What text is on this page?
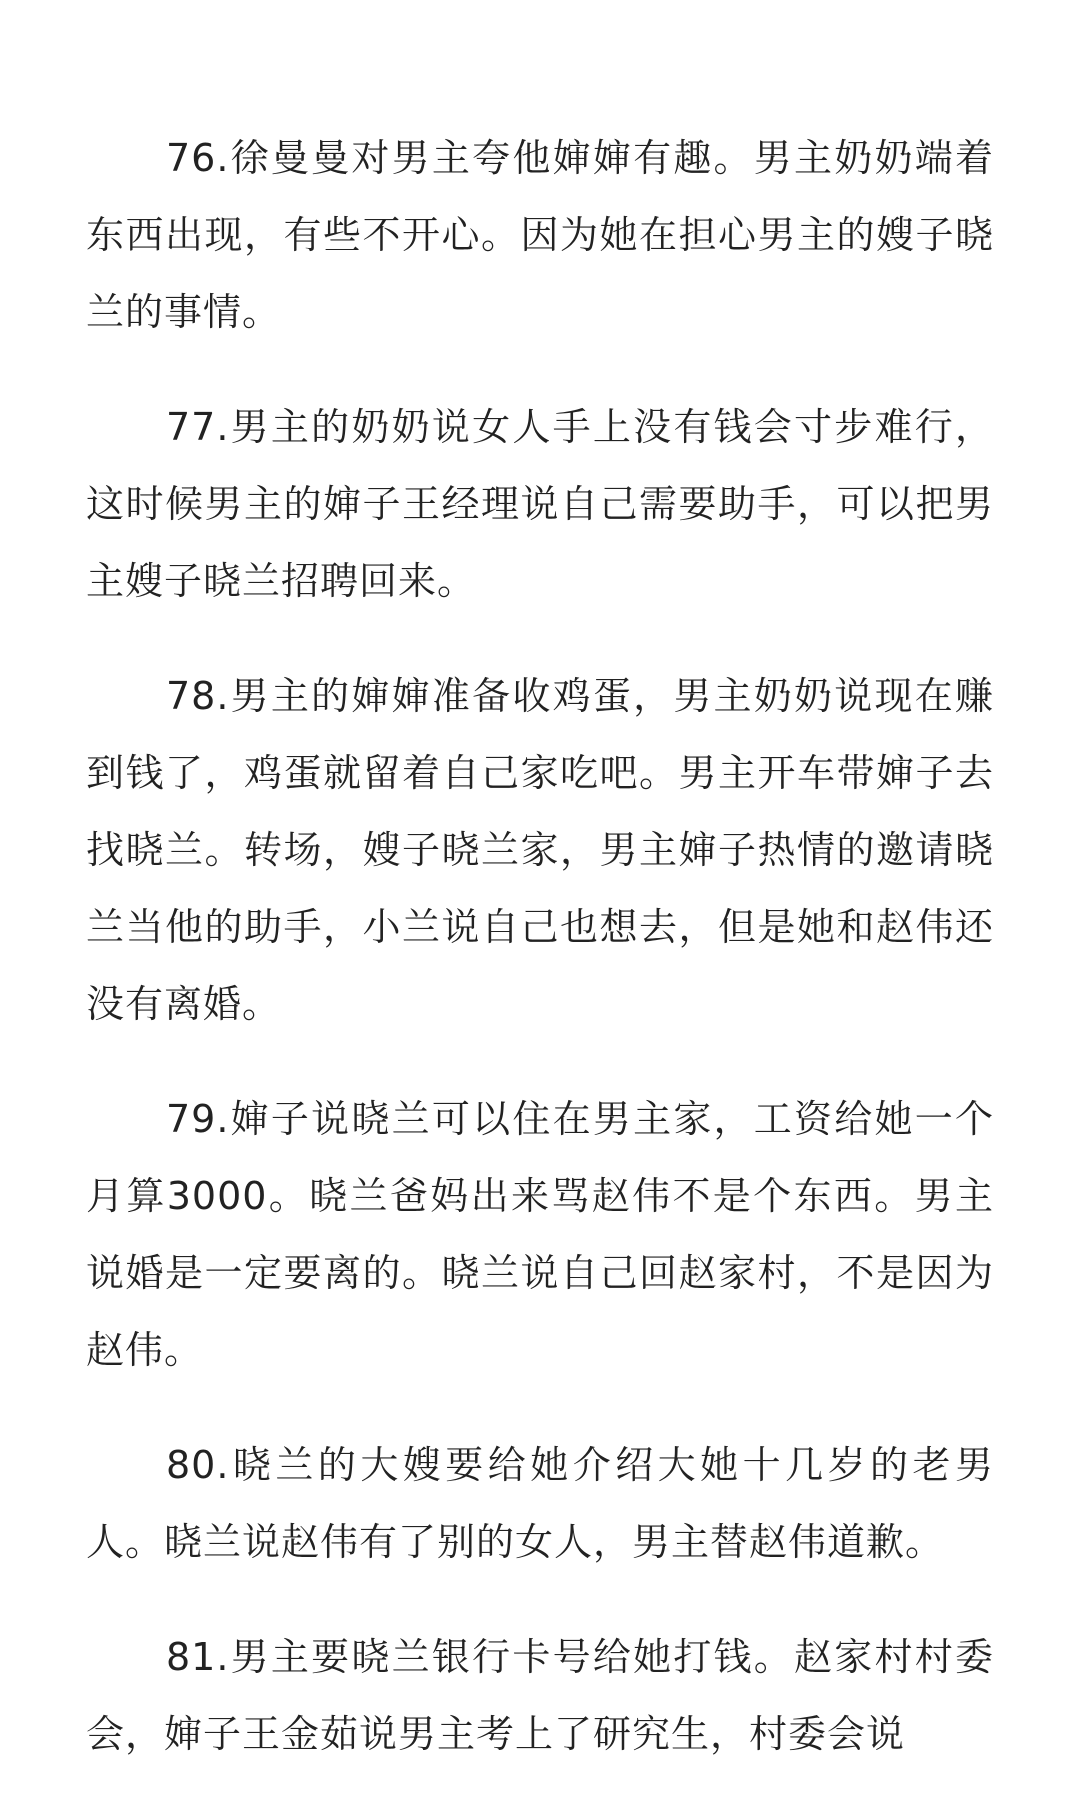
76.徐曼曼对男主夸他婶婶有趣。男主奶奶端着东西出现，有些不开心。因为她在担心男主的嫂子晓兰的事情。

77.男主的奶奶说女人手上没有钱会寸步难行，这时候男主的婶子王经理说自己需要助手，可以把男主嫂子晓兰招聘回来。

78.男主的婶婶准备收鸡蛋，男主奶奶说现在赚到钱了，鸡蛋就留着自己家吃吧。男主开车带婶子去找晓兰。转场，嫂子晓兰家，男主婶子热情的邀请晓兰当他的助手，小兰说自己也想去，但是她和赵伟还没有离婚。

79.婶子说晓兰可以住在男主家，工资给她一个月算3000。晓兰爸妈出来骂赵伟不是个东西。男主说婚是一定要离的。晓兰说自己回赵家村，不是因为赵伟。

80.晓兰的大嫂要给她介绍大她十几岁的老男人。晓兰说赵伟有了别的女人，男主替赵伟道歉。

81.男主要晓兰银行卡号给她打钱。赵家村村委会，婶子王金茹说男主考上了研究生，村委会说
